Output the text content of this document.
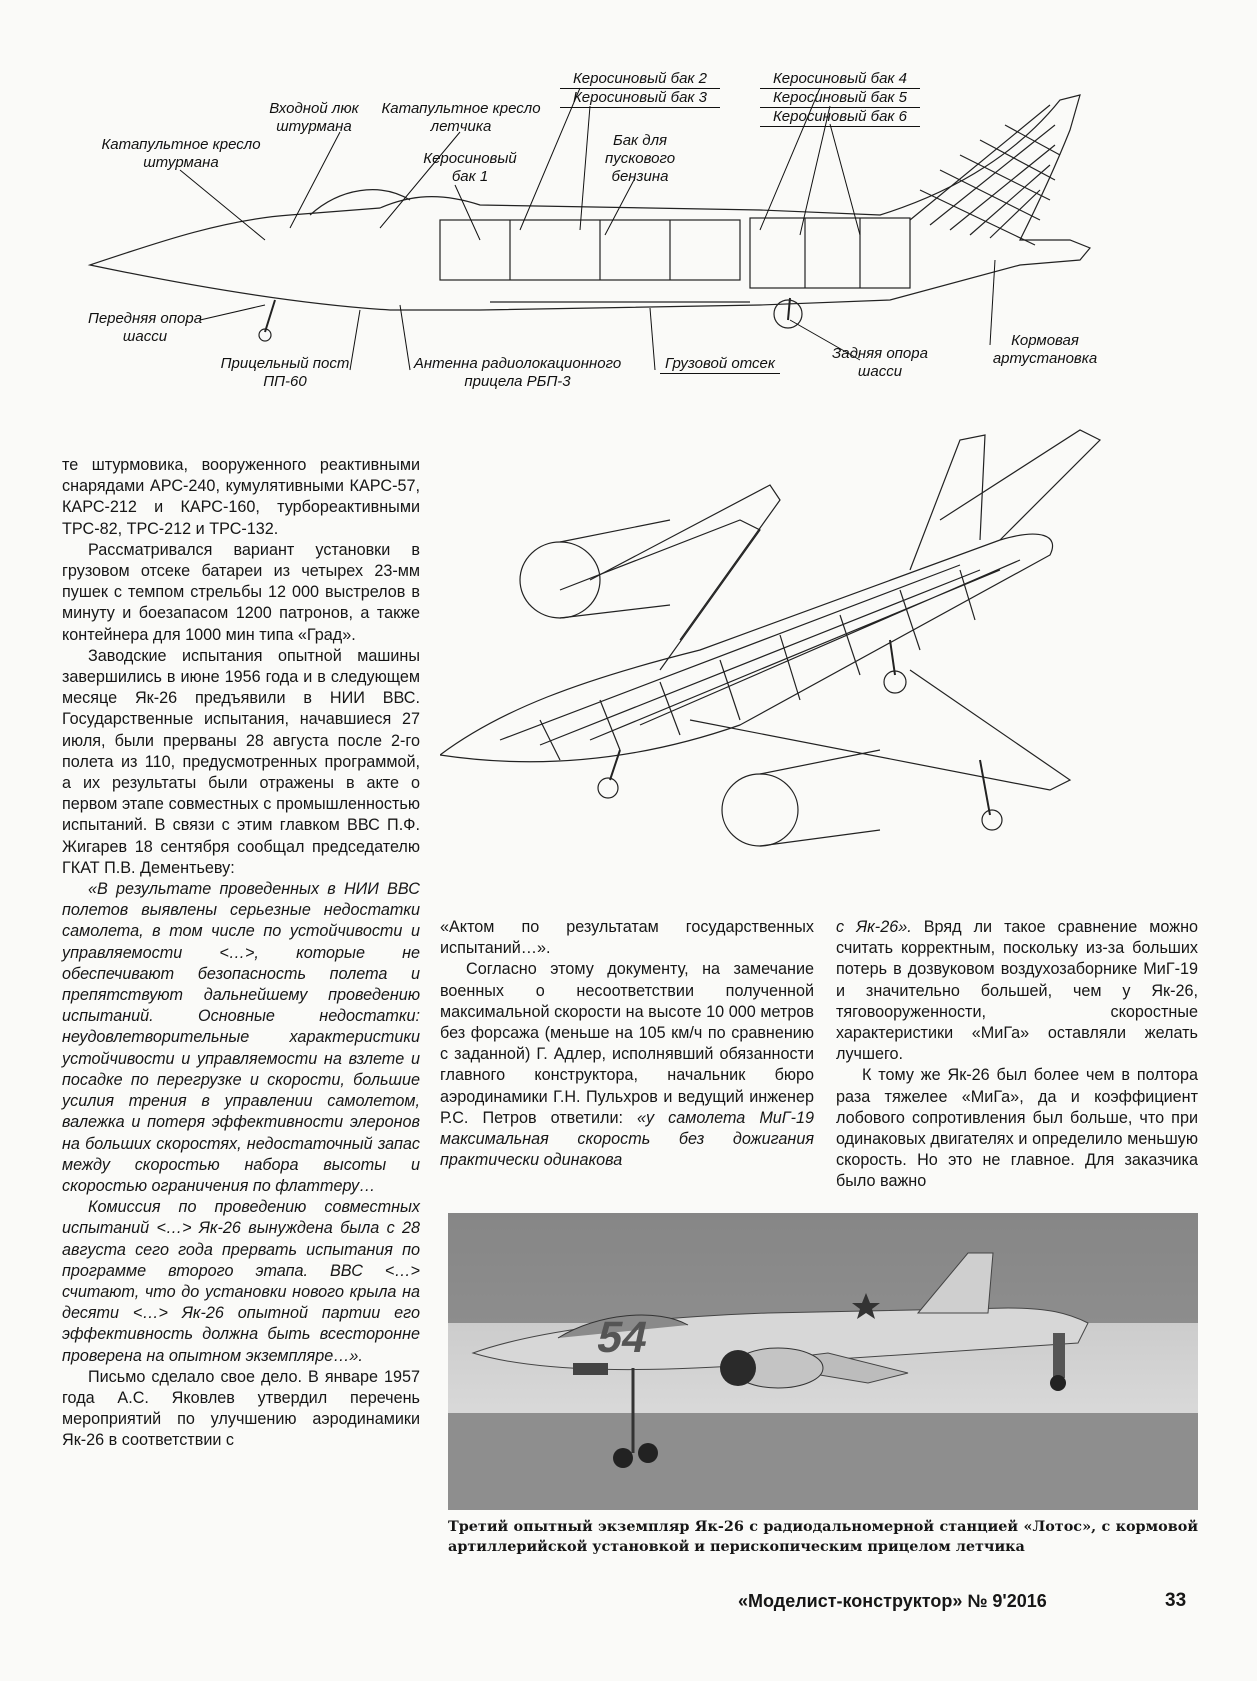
Катапультное кресло штурмана
Входной люк штурмана
Катапультное кресло летчика
Керосиновый бак 1
Керосиновый бак 2
Керосиновый бак 3
Бак для пускового бензина
Керосиновый бак 4
Керосиновый бак 5
Керосиновый бак 6
Передняя опора шасси
Прицельный пост ПП-60
Антенна радиолокационного прицела РБП-3
Грузовой отсек
Задняя опора шасси
Кормовая артустановка

те штурмовика, вооруженного реактивными снарядами АРС-240, кумулятивными КАРС-57, КАРС-212 и КАРС-160, турбореактивными ТРС-82, ТРС-212 и ТРС-132.

Рассматривался вариант установки в грузовом отсеке батареи из четырех 23-мм пушек с темпом стрельбы 12 000 выстрелов в минуту и боезапасом 1200 патронов, а также контейнера для 1000 мин типа «Град».

Заводские испытания опытной машины завершились в июне 1956 года и в следующем месяце Як-26 предъявили в НИИ ВВС. Государственные испытания, начавшиеся 27 июля, были прерваны 28 августа после 2-го полета из 110, предусмотренных программой, а их результаты были отражены в акте о первом этапе совместных с промышленностью испытаний. В связи с этим главком ВВС П.Ф. Жигарев 18 сентября сообщал председателю ГКАТ П.В. Дементьеву:

«В результате проведенных в НИИ ВВС полетов выявлены серьезные недостатки самолета, в том числе по устойчивости и управляемости <…>, которые не обеспечивают безопасность полета и препятствуют дальнейшему проведению испытаний. Основные недостатки: неудовлетворительные характеристики устойчивости и управляемости на взлете и посадке по перегрузке и скорости, большие усилия трения в управлении самолетом, валежка и потеря эффективности элеронов на больших скоростях, недостаточный запас между скоростью набора высоты и скоростью ограничения по флаттеру…

Комиссия по проведению совместных испытаний <…> Як-26 вынуждена была с 28 августа сего года прервать испытания по программе второго этапа. ВВС <…> считают, что до установки нового крыла на десяти <…> Як-26 опытной партии его эффективность должна быть всесторонне проверена на опытном экземпляре…».

Письмо сделало свое дело. В январе 1957 года А.С. Яковлев утвердил перечень мероприятий по улучшению аэродинамики Як-26 в соответствии с

«Актом по результатам государственных испытаний…».

Согласно этому документу, на замечание военных о несоответствии полученной максимальной скорости на высоте 10 000 метров без форсажа (меньше на 105 км/ч по сравнению с заданной) Г. Адлер, исполнявший обязанности главного конструктора, начальник бюро аэродинамики Г.Н. Пульхров и ведущий инженер Р.С. Петров ответили: «у самолета МиГ-19 максимальная скорость без дожигания практически одинакова

с Як-26». Вряд ли такое сравнение можно считать корректным, поскольку из-за больших потерь в дозвуковом воздухозаборнике МиГ-19 и значительно большей, чем у Як-26, тяговооруженности, скоростные характеристики «МиГа» оставляли желать лучшего.

К тому же Як-26 был более чем в полтора раза тяжелее «МиГа», да и коэффициент лобового сопротивления был больше, что при одинаковых двигателях и определило меньшую скорость. Но это не главное. Для заказчика было важно

54
Третий опытный экземпляр Як-26 с радиодальномерной станцией «Лотос», с кормовой артиллерийской установкой и перископическим прицелом летчика
«Моделист-конструктор» № 9'2016	33
